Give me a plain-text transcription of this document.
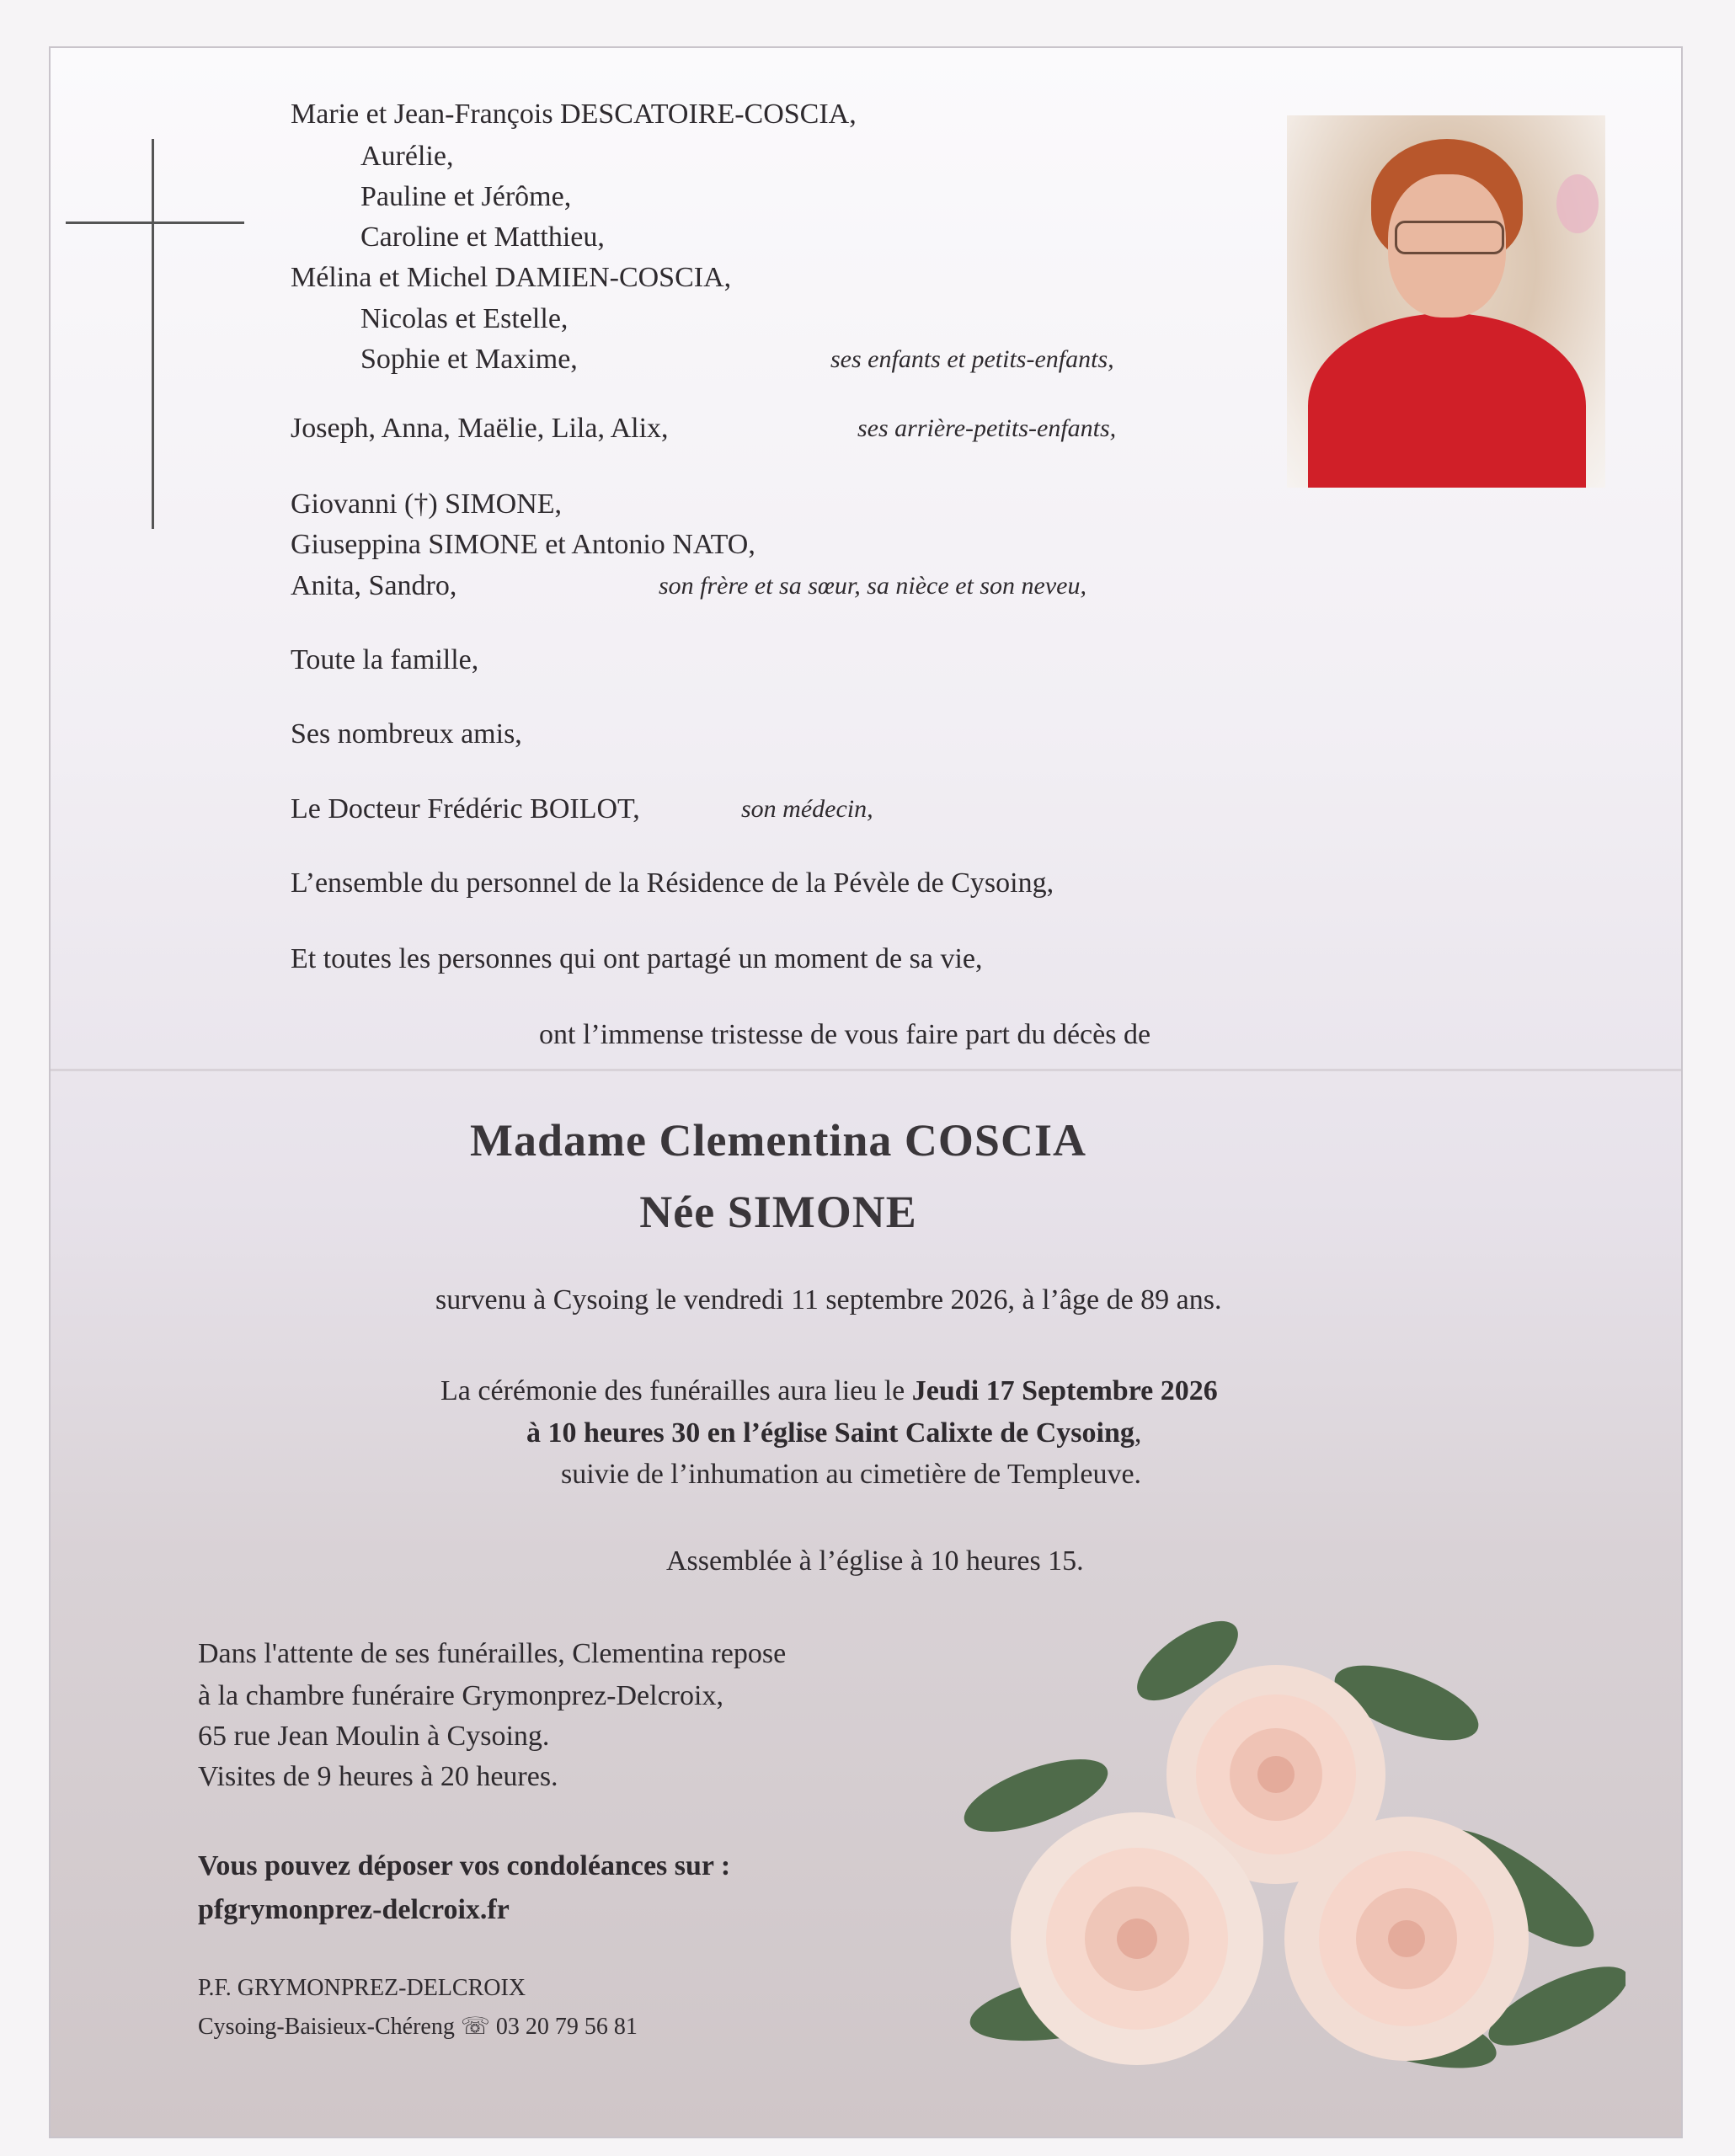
Marie et Jean-François DESCATOIRE-COSCIA,
Aurélie,
Pauline et Jérôme,
Caroline et Matthieu,
Mélina et Michel DAMIEN-COSCIA,
Nicolas et Estelle,
Sophie et Maxime,	ses enfants et petits-enfants,
Joseph, Anna, Maëlie, Lila, Alix,	ses arrière-petits-enfants,
Giovanni (†) SIMONE,
Giuseppina SIMONE et Antonio NATO,
Anita, Sandro,	son frère et sa sœur, sa nièce et son neveu,
Toute la famille,
Ses nombreux amis,
Le Docteur Frédéric BOILOT,	son médecin,
L’ensemble du personnel de la Résidence de la Pévèle de Cysoing,
Et toutes les personnes qui ont partagé un moment de sa vie,
ont l’immense tristesse de vous faire part du décès de
Madame Clementina COSCIA
Née SIMONE
survenu à Cysoing le vendredi 11 septembre 2026, à l’âge de 89 ans.
La cérémonie des funérailles aura lieu le Jeudi 17 Septembre 2026
à 10 heures 30 en l’église Saint Calixte de Cysoing,
suivie de l’inhumation au cimetière de Templeuve.
Assemblée à l’église à 10 heures 15.
Dans l'attente de ses funérailles, Clementina repose
à la chambre funéraire Grymonprez-Delcroix,
65 rue Jean Moulin à Cysoing.
Visites de 9 heures à 20 heures.
Vous pouvez déposer vos condoléances sur :
pfgrymonprez-delcroix.fr
P.F. GRYMONPREZ-DELCROIX
Cysoing-Baisieux-Chéreng ☏ 03 20 79 56 81
